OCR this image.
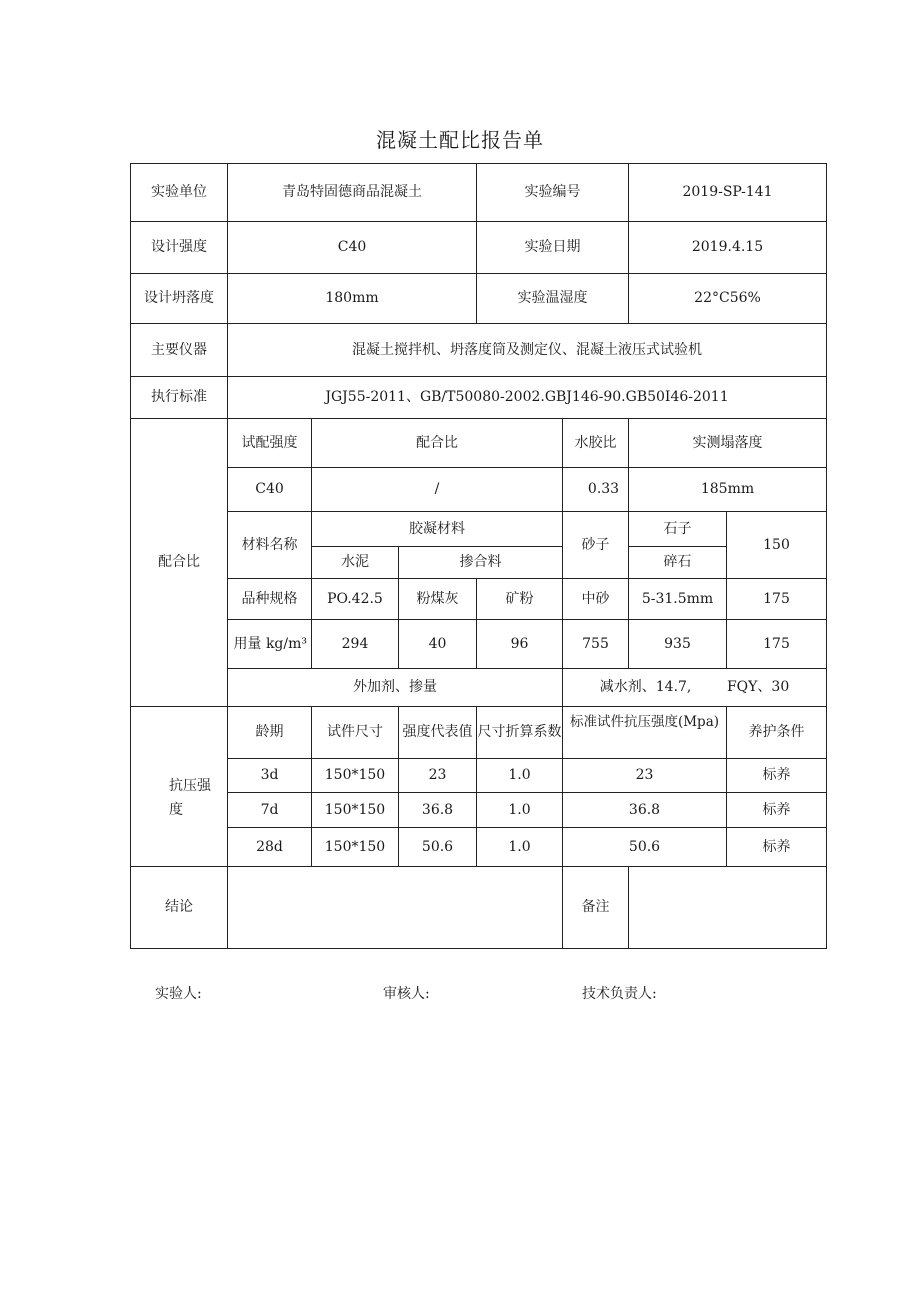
混凝土配比报告单
实验单位	青岛特固德商品混凝土			实验编号		2019-SP-141	
设计强度	C40			实验日期		2019.4.15	
设计坍落度	180mm			实验温湿度		22°C56%	
主要仪器	混凝土搅拌机、坍落度筒及测定仪、混凝土液压式试验机						
执行标准	JGJ55-2011、GB/T50080-2002.GBJ146-90.GB50I46-2011						
配合比	试配强度	配合比			水胶比	实测塌落度	
	C40	/			0.33	185mm	
	材料名称	胶凝材料			砂子	石子	150
		水泥	掺合料			碎石	
	品种规格	PO.42.5	粉煤灰	矿粉	中砂	5-31.5mm	175
	用量 kg/m³	294	40	96	755	935	175
	外加剂、掺量				减水剂、14.7,        FQY、30		

抗压强度	龄期	试件尺寸	强度代表值	尺寸折算系数	标准试件抗压强度(Mpa)		养护条件
	3d	150*150	23	1.0	23		标养
	7d	150*150	36.8	1.0	36.8		标养
	28d	150*150	50.6	1.0	50.6		标养
结论					备注		
实验人:	审核人:	技术负责人:
